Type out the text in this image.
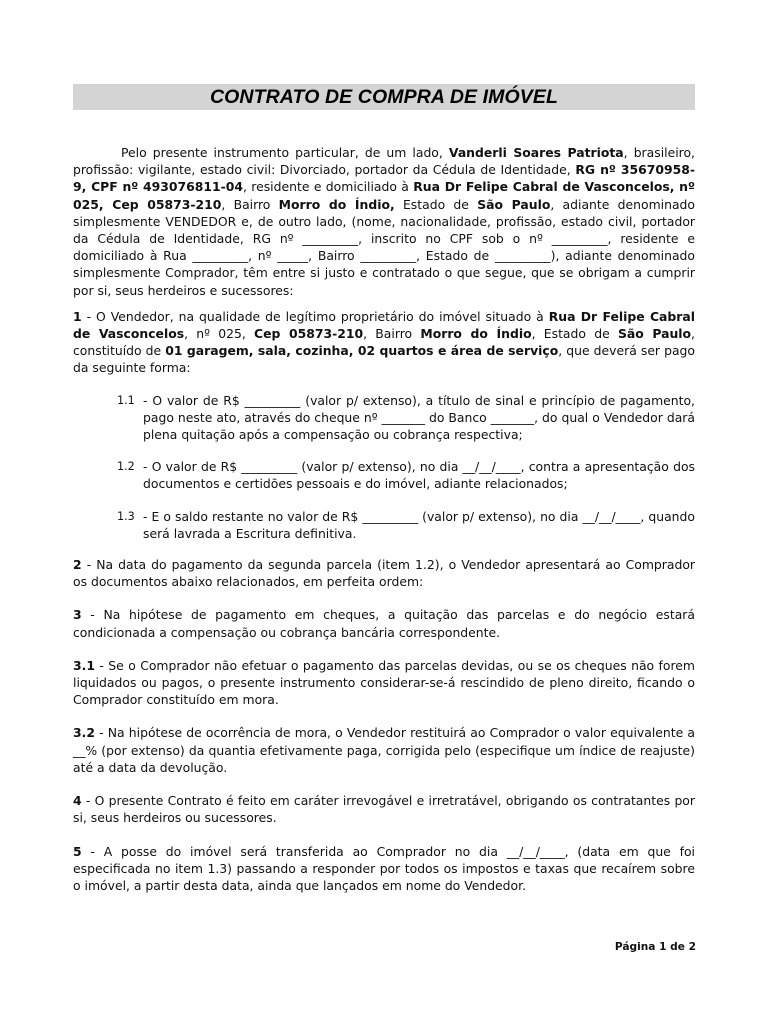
CONTRATO DE COMPRA DE IMÓVEL

Pelo presente instrumento particular, de um lado, Vanderli Soares Patriota, brasileiro, profissão: vigilante, estado civil: Divorciado, portador da Cédula de Identidade, RG nº 35670958-9, CPF nº 493076811-04, residente e domiciliado à Rua Dr Felipe Cabral de Vasconcelos, nº 025, Cep 05873-210, Bairro Morro do Índio, Estado de São Paulo, adiante denominado simplesmente VENDEDOR e, de outro lado, (nome, nacionalidade, profissão, estado civil, portador da Cédula de Identidade, RG nº _________, inscrito no CPF sob o nº _________, residente e domiciliado à Rua _________, nº _____, Bairro _________, Estado de _________), adiante denominado simplesmente Comprador, têm entre si justo e contratado o que segue, que se obrigam a cumprir por si, seus herdeiros e sucessores:

1 - O Vendedor, na qualidade de legítimo proprietário do imóvel situado à Rua Dr Felipe Cabral de Vasconcelos, nº 025, Cep 05873-210, Bairro Morro do Índio, Estado de São Paulo, constituído de 01 garagem, sala, cozinha, 02 quartos e área de serviço, que deverá ser pago da seguinte forma:

1.1 - O valor de R$ _________ (valor p/ extenso), a título de sinal e princípio de pagamento, pago neste ato, através do cheque nº _______ do Banco _______, do qual o Vendedor dará plena quitação após a compensação ou cobrança respectiva;

1.2 - O valor de R$ _________ (valor p/ extenso), no dia __/__/____, contra a apresentação dos documentos e certidões pessoais e do imóvel, adiante relacionados;

1.3 - E o saldo restante no valor de R$ _________ (valor p/ extenso), no dia __/__/____, quando será lavrada a Escritura definitiva.

2 - Na data do pagamento da segunda parcela (item 1.2), o Vendedor apresentará ao Comprador os documentos abaixo relacionados, em perfeita ordem:

3 - Na hipótese de pagamento em cheques, a quitação das parcelas e do negócio estará condicionada a compensação ou cobrança bancária correspondente.

3.1 - Se o Comprador não efetuar o pagamento das parcelas devidas, ou se os cheques não forem liquidados ou pagos, o presente instrumento considerar-se-á rescindido de pleno direito, ficando o Comprador constituído em mora.

3.2 - Na hipótese de ocorrência de mora, o Vendedor restituirá ao Comprador o valor equivalente a __% (por extenso) da quantia efetivamente paga, corrigida pelo (especifique um índice de reajuste) até a data da devolução.

4 - O presente Contrato é feito em caráter irrevogável e irretratável, obrigando os contratantes por si, seus herdeiros ou sucessores.

5 - A posse do imóvel será transferida ao Comprador no dia __/__/____, (data em que foi especificada no item 1.3) passando a responder por todos os impostos e taxas que recaírem sobre o imóvel, a partir desta data, ainda que lançados em nome do Vendedor.

Página 1 de 2
